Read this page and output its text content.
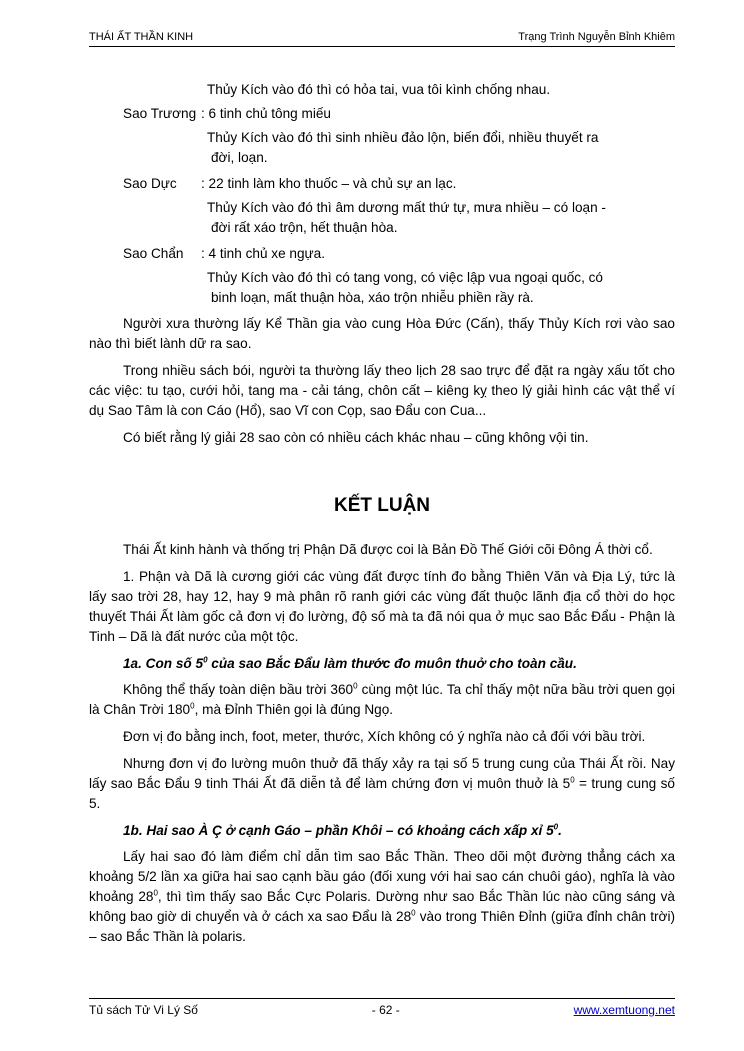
THÁI ẤT THẦN KINH	Trạng Trình Nguyễn Bỉnh Khiêm

Thủy Kích vào đó thì có hỏa tai, vua tôi kình chống nhau.

Sao Trương : 6 tinh chủ tông miếu

Thủy Kích vào đó thì sinh nhiều đảo lộn, biến đổi, nhiều thuyết ra
đời, loạn.

Sao Dực	: 22 tinh làm kho thuốc – và chủ sự an lạc.

Thủy Kích vào đó thì âm dương mất thứ tự, mưa nhiều – có loạn -
đời rất xáo trộn, hết thuận hòa.

Sao Chẩn	: 4 tinh chủ xe ngựa.

Thủy Kích vào đó thì có tang vong, có việc lập vua ngoại quốc, có
binh loạn, mất thuận hòa, xáo trộn nhiễu phiền rầy rà.

Người xưa thường lấy Kể Thần gia vào cung Hòa Đức (Cấn), thấy Thủy Kích rơi vào sao nào thì biết lành dữ ra sao.

Trong nhiều sách bói, người ta thường lấy theo lịch 28 sao trực để đặt ra ngày xấu tốt cho các việc: tu tạo, cưới hỏi, tang ma - cải táng, chôn cất – kiêng kỵ theo lý giải hình các vật thể ví dụ Sao Tâm là con Cáo (Hổ), sao Vĩ con Cọp, sao Đẩu con Cua...

Có biết rằng lý giải 28 sao còn có nhiều cách khác nhau – cũng không vội tin.

KẾT LUẬN

Thái Ất kinh hành và thống trị Phận Dã được coi là Bản Đồ Thế Giới cõi Đông Á thời cổ.

1. Phận và Dã là cương giới các vùng đất được tính đo bằng Thiên Văn và Địa Lý, tức là lấy sao trời 28, hay 12, hay 9 mà phân rõ ranh giới các vùng đất thuộc lãnh địa cổ thời do học thuyết Thái Ất làm gốc cả đơn vị đo lường, độ số mà ta đã nói qua ở mục sao Bắc Đẩu - Phận là Tinh – Dã là đất nước của một tộc.

1a. Con số $5^0$ của sao Bắc Đẩu làm thước đo muôn thuở cho toàn cầu.

Không thể thấy toàn diện bầu trời $360^0$ cùng một lúc. Ta chỉ thấy một nữa bầu trời quen gọi là Chân Trời $180^0$, mà Đỉnh Thiên gọi là đúng Ngọ.

Đơn vị đo bằng inch, foot, meter, thước, Xích không có ý nghĩa nào cả đối với bầu trời.

Nhưng đơn vị đo lường muôn thuở đã thấy xảy ra tại số 5 trung cung của Thái Ất rồi. Nay lấy sao Bắc Đẩu 9 tinh Thái Ất đã diễn tả để làm chứng đơn vị muôn thuở là $5^0$ = trung cung số 5.

1b. Hai sao À Ç ở cạnh Gáo – phần Khôi – có khoảng cách xấp xỉ $5^0$.

Lấy hai sao đó làm điểm chỉ dẫn tìm sao Bắc Thần. Theo dõi một đường thẳng cách xa khoảng 5/2 lần xa giữa hai sao cạnh bầu gáo (đối xung với hai sao cán chuôi gáo), nghĩa là vào khoảng $28^0$, thì tìm thấy sao Bắc Cực Polaris. Dường như sao Bắc Thần lúc nào cũng sáng và không bao giờ di chuyển và ở cách xa sao Đẩu là $28^0$ vào trong Thiên Đỉnh (giữa đỉnh chân trời) – sao Bắc Thần là polaris.

Tủ sách Tử Vi Lý Số	- 62 -	www.xemtuong.net
